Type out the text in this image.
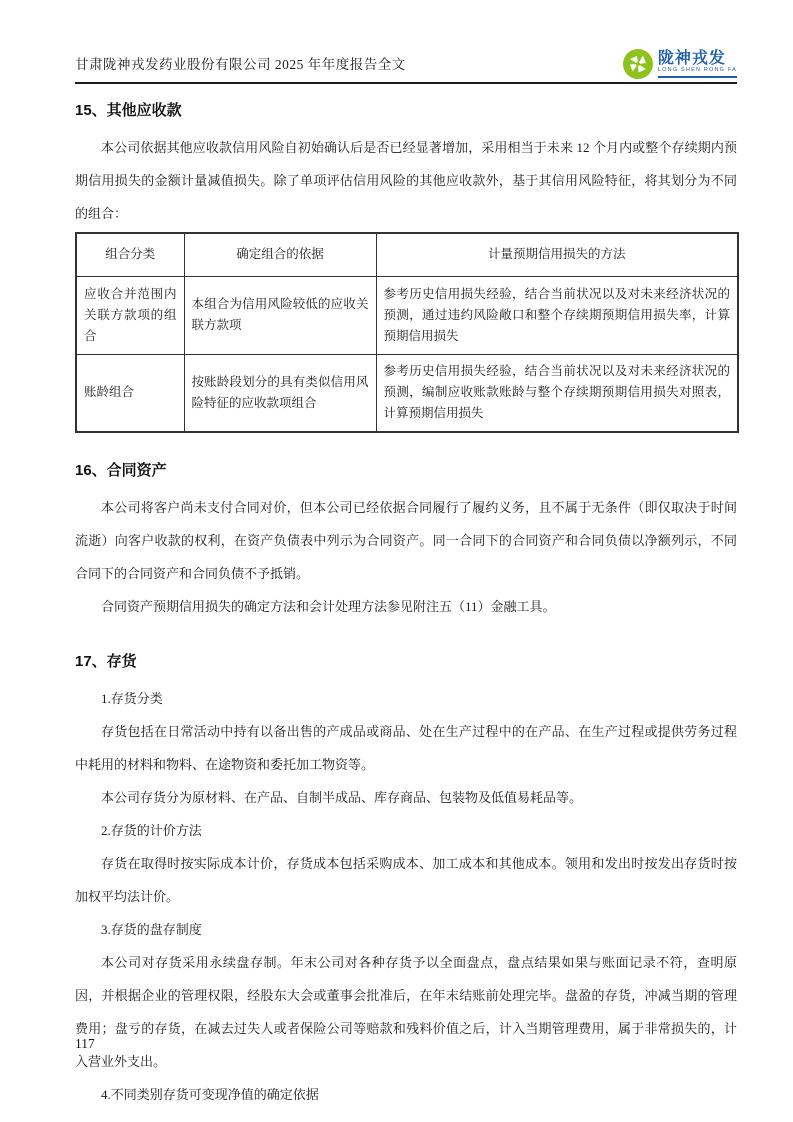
甘肃陇神戎发药业股份有限公司 2025 年年度报告全文	陇神戎发
LONG SHEN RONG FA
15、其他应收款
本公司依据其他应收款信用风险自初始确认后是否已经显著增加，采用相当于未来 12 个月内或整个存续期内预期信用损失的金额计量减值损失。除了单项评估信用风险的其他应收款外，基于其信用风险特征，将其划分为不同的组合：
组合分类	确定组合的依据	计量预期信用损失的方法
应收合并范围内关联方款项的组合	本组合为信用风险较低的应收关联方款项	参考历史信用损失经验，结合当前状况以及对未来经济状况的预测，通过违约风险敞口和整个存续期预期信用损失率，计算预期信用损失
账龄组合	按账龄段划分的具有类似信用风险特征的应收款项组合	参考历史信用损失经验，结合当前状况以及对未来经济状况的预测，编制应收账款账龄与整个存续期预期信用损失对照表，计算预期信用损失
16、合同资产
本公司将客户尚未支付合同对价，但本公司已经依据合同履行了履约义务，且不属于无条件（即仅取决于时间流逝）向客户收款的权利，在资产负债表中列示为合同资产。同一合同下的合同资产和合同负债以净额列示，不同合同下的合同资产和合同负债不予抵销。
合同资产预期信用损失的确定方法和会计处理方法参见附注五（11）金融工具。
17、存货
1.存货分类
存货包括在日常活动中持有以备出售的产成品或商品、处在生产过程中的在产品、在生产过程或提供劳务过程中耗用的材料和物料、在途物资和委托加工物资等。
本公司存货分为原材料、在产品、自制半成品、库存商品、包装物及低值易耗品等。
2.存货的计价方法
存货在取得时按实际成本计价，存货成本包括采购成本、加工成本和其他成本。领用和发出时按发出存货时按加权平均法计价。
3.存货的盘存制度
本公司对存货采用永续盘存制。年末公司对各种存货予以全面盘点，盘点结果如果与账面记录不符，查明原因，并根据企业的管理权限，经股东大会或董事会批准后，在年末结账前处理完毕。盘盈的存货，冲减当期的管理费用；盘亏的存货，在减去过失人或者保险公司等赔款和残料价值之后，计入当期管理费用，属于非常损失的，计入营业外支出。
4.不同类别存货可变现净值的确定依据
117
